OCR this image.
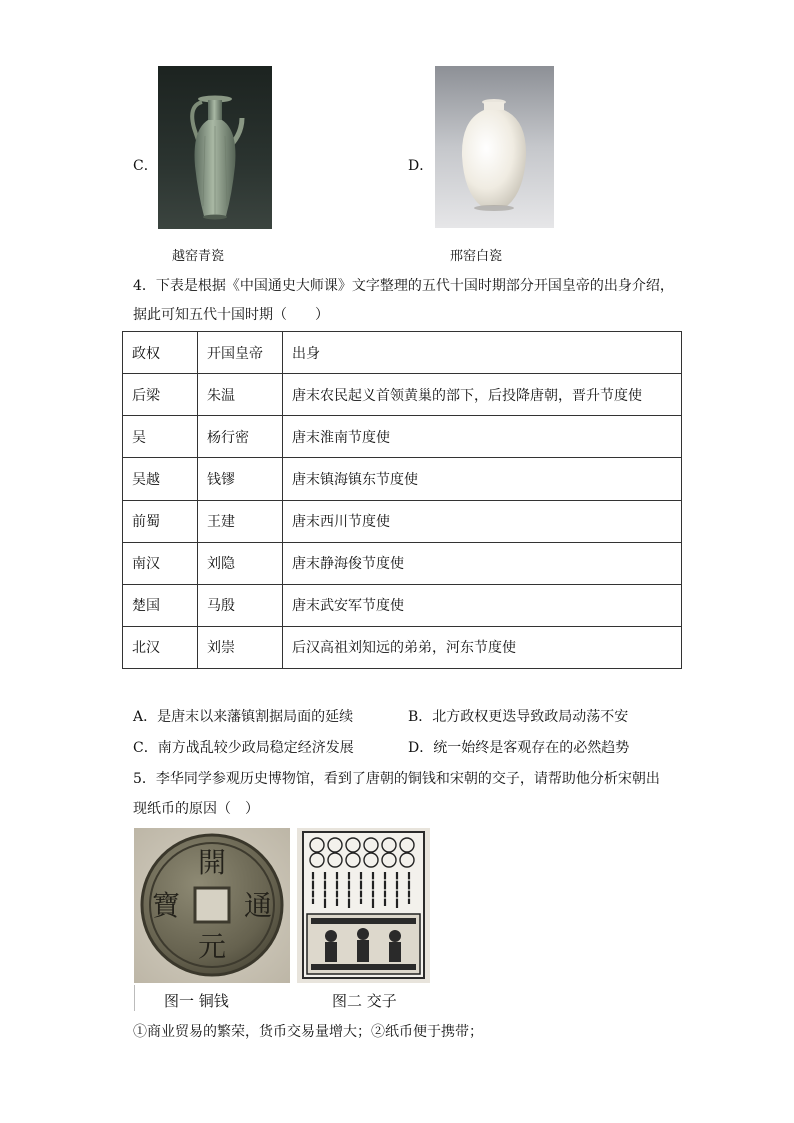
C．
越窑青瓷
D．
邢窑白瓷
4．下表是根据《中国通史大师课》文字整理的五代十国时期部分开国皇帝的出身介绍，
据此可知五代十国时期（　　）
政权	开国皇帝	出身
后梁	朱温	唐末农民起义首领黄巢的部下，后投降唐朝，晋升节度使
吴	杨行密	唐末淮南节度使
吴越	钱镠	唐末镇海镇东节度使
前蜀	王建	唐末西川节度使
南汉	刘隐	唐末静海俊节度使
楚国	马殷	唐末武安军节度使
北汉	刘崇	后汉高祖刘知远的弟弟，河东节度使
A．是唐末以来藩镇割据局面的延续	B．北方政权更迭导致政局动荡不安
C．南方战乱较少政局稳定经济发展	D．统一始终是客观存在的必然趋势
5．李华同学参观历史博物馆，看到了唐朝的铜钱和宋朝的交子，请帮助他分析宋朝出
现纸币的原因（　）
開
元
通
寶
图一 铜钱	图二 交子
①商业贸易的繁荣，货币交易量增大；②纸币便于携带；
